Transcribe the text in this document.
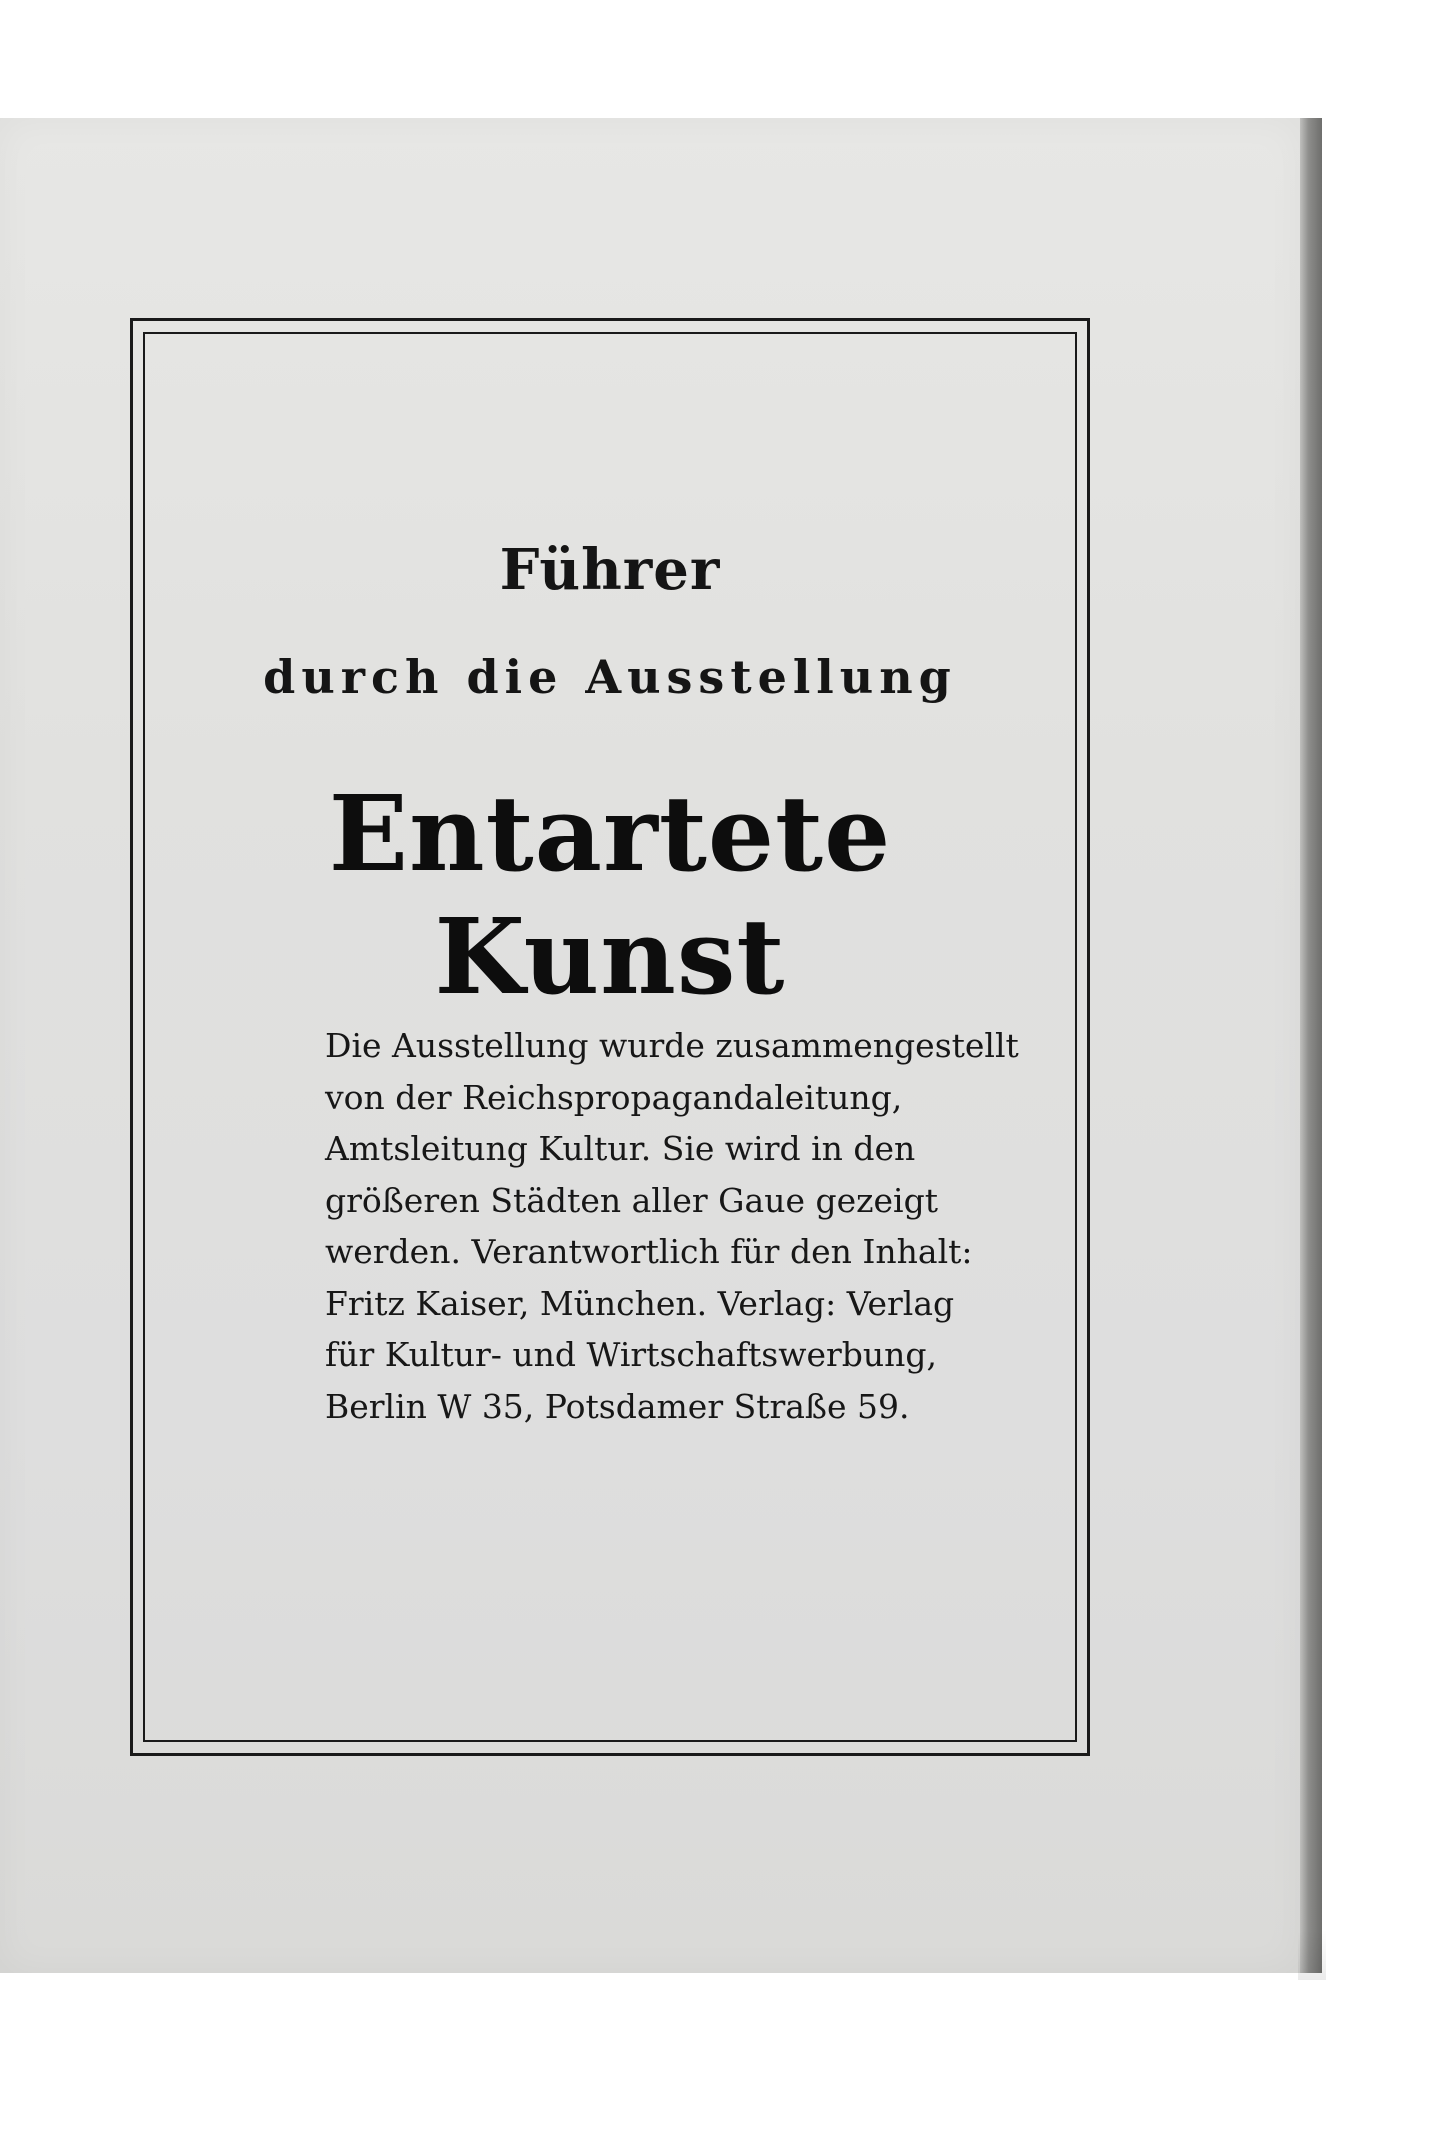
Führer
durch die Ausstellung
Entartete Kunst
Die Ausstellung wurde zusammengestellt
von der Reichspropagandaleitung,
Amtsleitung Kultur. Sie wird in den
größeren Städten aller Gaue gezeigt
werden. Verantwortlich für den Inhalt:
Fritz Kaiser, München. Verlag: Verlag
für Kultur- und Wirtschaftswerbung,
Berlin W 35, Potsdamer Straße 59.
